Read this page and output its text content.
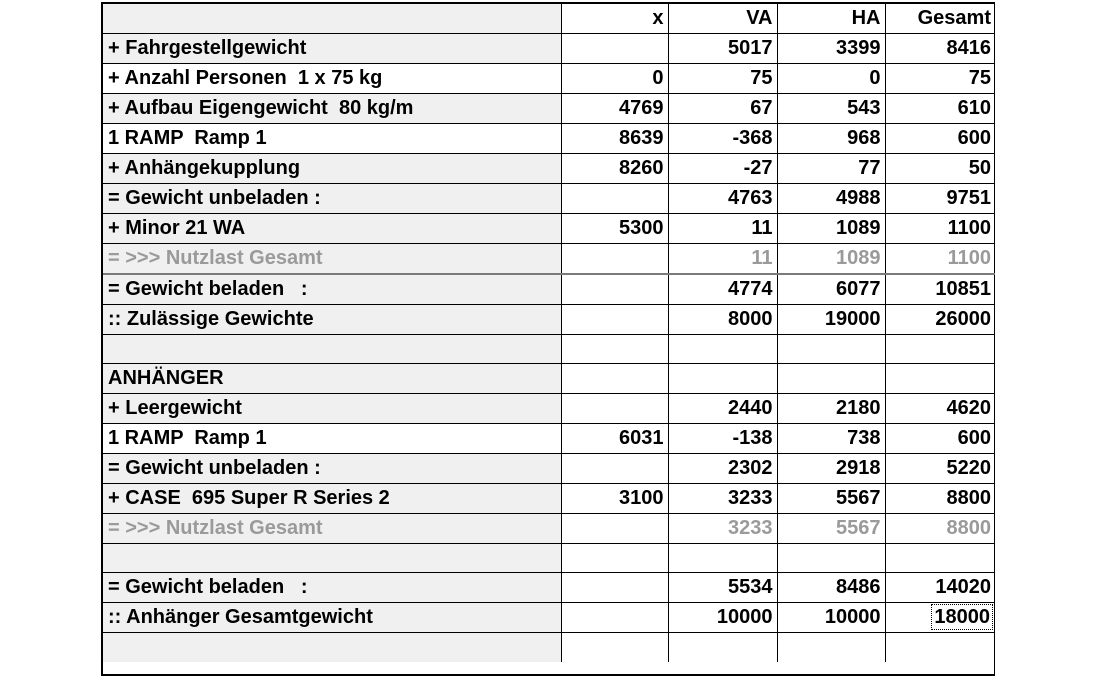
	x	VA	HA	Gesamt
+ Fahrgestellgewicht		5017	3399	8416
+ Anzahl Personen  1 x 75 kg	0	75	0	75
+ Aufbau Eigengewicht  80 kg/m	4769	67	543	610
1 RAMP  Ramp 1	8639	-368	968	600
+ Anhängekupplung	8260	-27	77	50
= Gewicht unbeladen :		4763	4988	9751
+ Minor 21 WA	5300	11	1089	1100
= >>> Nutzlast Gesamt		11	1089	1100
= Gewicht beladen   :		4774	6077	10851
:: Zulässige Gewichte		8000	19000	26000

ANHÄNGER				
+ Leergewicht		2440	2180	4620
1 RAMP  Ramp 1	6031	-138	738	600
= Gewicht unbeladen :		2302	2918	5220
+ CASE  695 Super R Series 2	3100	3233	5567	8800
= >>> Nutzlast Gesamt		3233	5567	8800

= Gewicht beladen   :		5534	8486	14020
:: Anhänger Gesamtgewicht		10000	10000	18000
